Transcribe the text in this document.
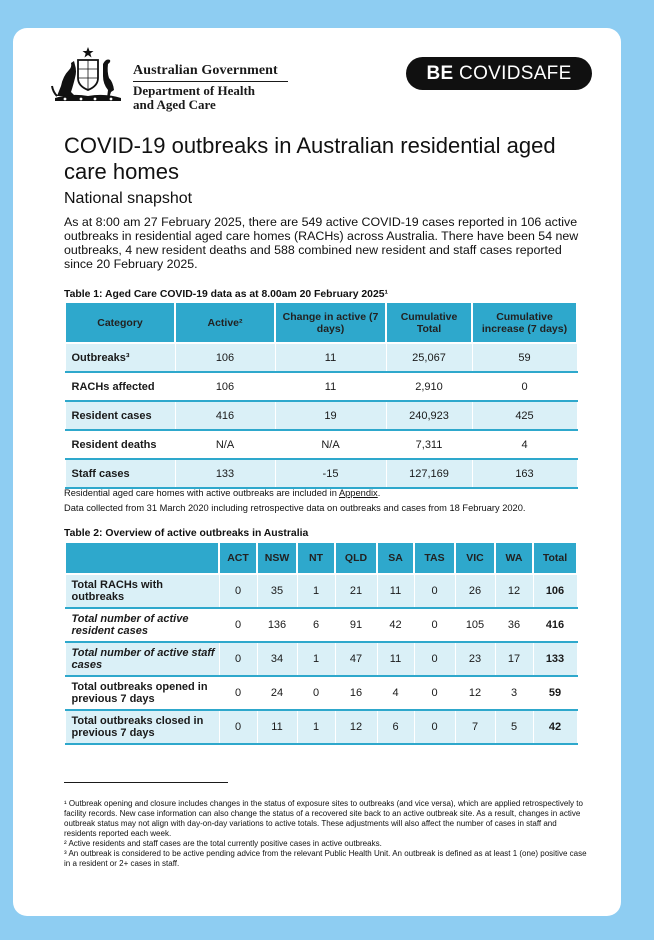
Australian Government
Department of Health
and Aged Care
BE COVIDSAFE
COVID-19 outbreaks in Australian residential aged care homes
National snapshot

As at 8:00 am 27 February 2025, there are 549 active COVID-19 cases reported in 106 active outbreaks in residential aged care homes (RACHs) across Australia. There have been 54 new outbreaks, 4 new resident deaths and 588 combined new resident and staff cases reported since 20 February 2025.

Table 1: Aged Care COVID-19 data as at 8.00am 20 February 2025¹
Category	Active²	Change in active (7 days)	Cumulative Total	Cumulative increase (7 days)
Outbreaks³	106	11	25,067	59
RACHs affected	106	11	2,910	0
Resident cases	416	19	240,923	425
Resident deaths	N/A	N/A	7,311	4
Staff cases	133	-15	127,169	163
Residential aged care homes with active outbreaks are included in Appendix.
Data collected from 31 March 2020 including retrospective data on outbreaks and cases from 18 February 2020.
Table 2: Overview of active outbreaks in Australia
	ACT	NSW	NT	QLD	SA	TAS	VIC	WA	Total
Total RACHs with outbreaks	0	35	1	21	11	0	26	12	106
Total number of active resident cases	0	136	6	91	42	0	105	36	416
Total number of active staff cases	0	34	1	47	11	0	23	17	133
Total outbreaks opened in previous 7 days	0	24	0	16	4	0	12	3	59
Total outbreaks closed in previous 7 days	0	11	1	12	6	0	7	5	42

¹ Outbreak opening and closure includes changes in the status of exposure sites to outbreaks (and vice versa), which are applied retrospectively to facility records. New case information can also change the status of a recovered site back to an active outbreak site. As a result, changes in active outbreak status may not align with day-on-day variations to active totals. These adjustments will also affect the number of cases in staff and residents reported each week.

² Active residents and staff cases are the total currently positive cases in active outbreaks.

³ An outbreak is considered to be active pending advice from the relevant Public Health Unit. An outbreak is defined as at least 1 (one) positive case in a resident or 2+ cases in staff.
